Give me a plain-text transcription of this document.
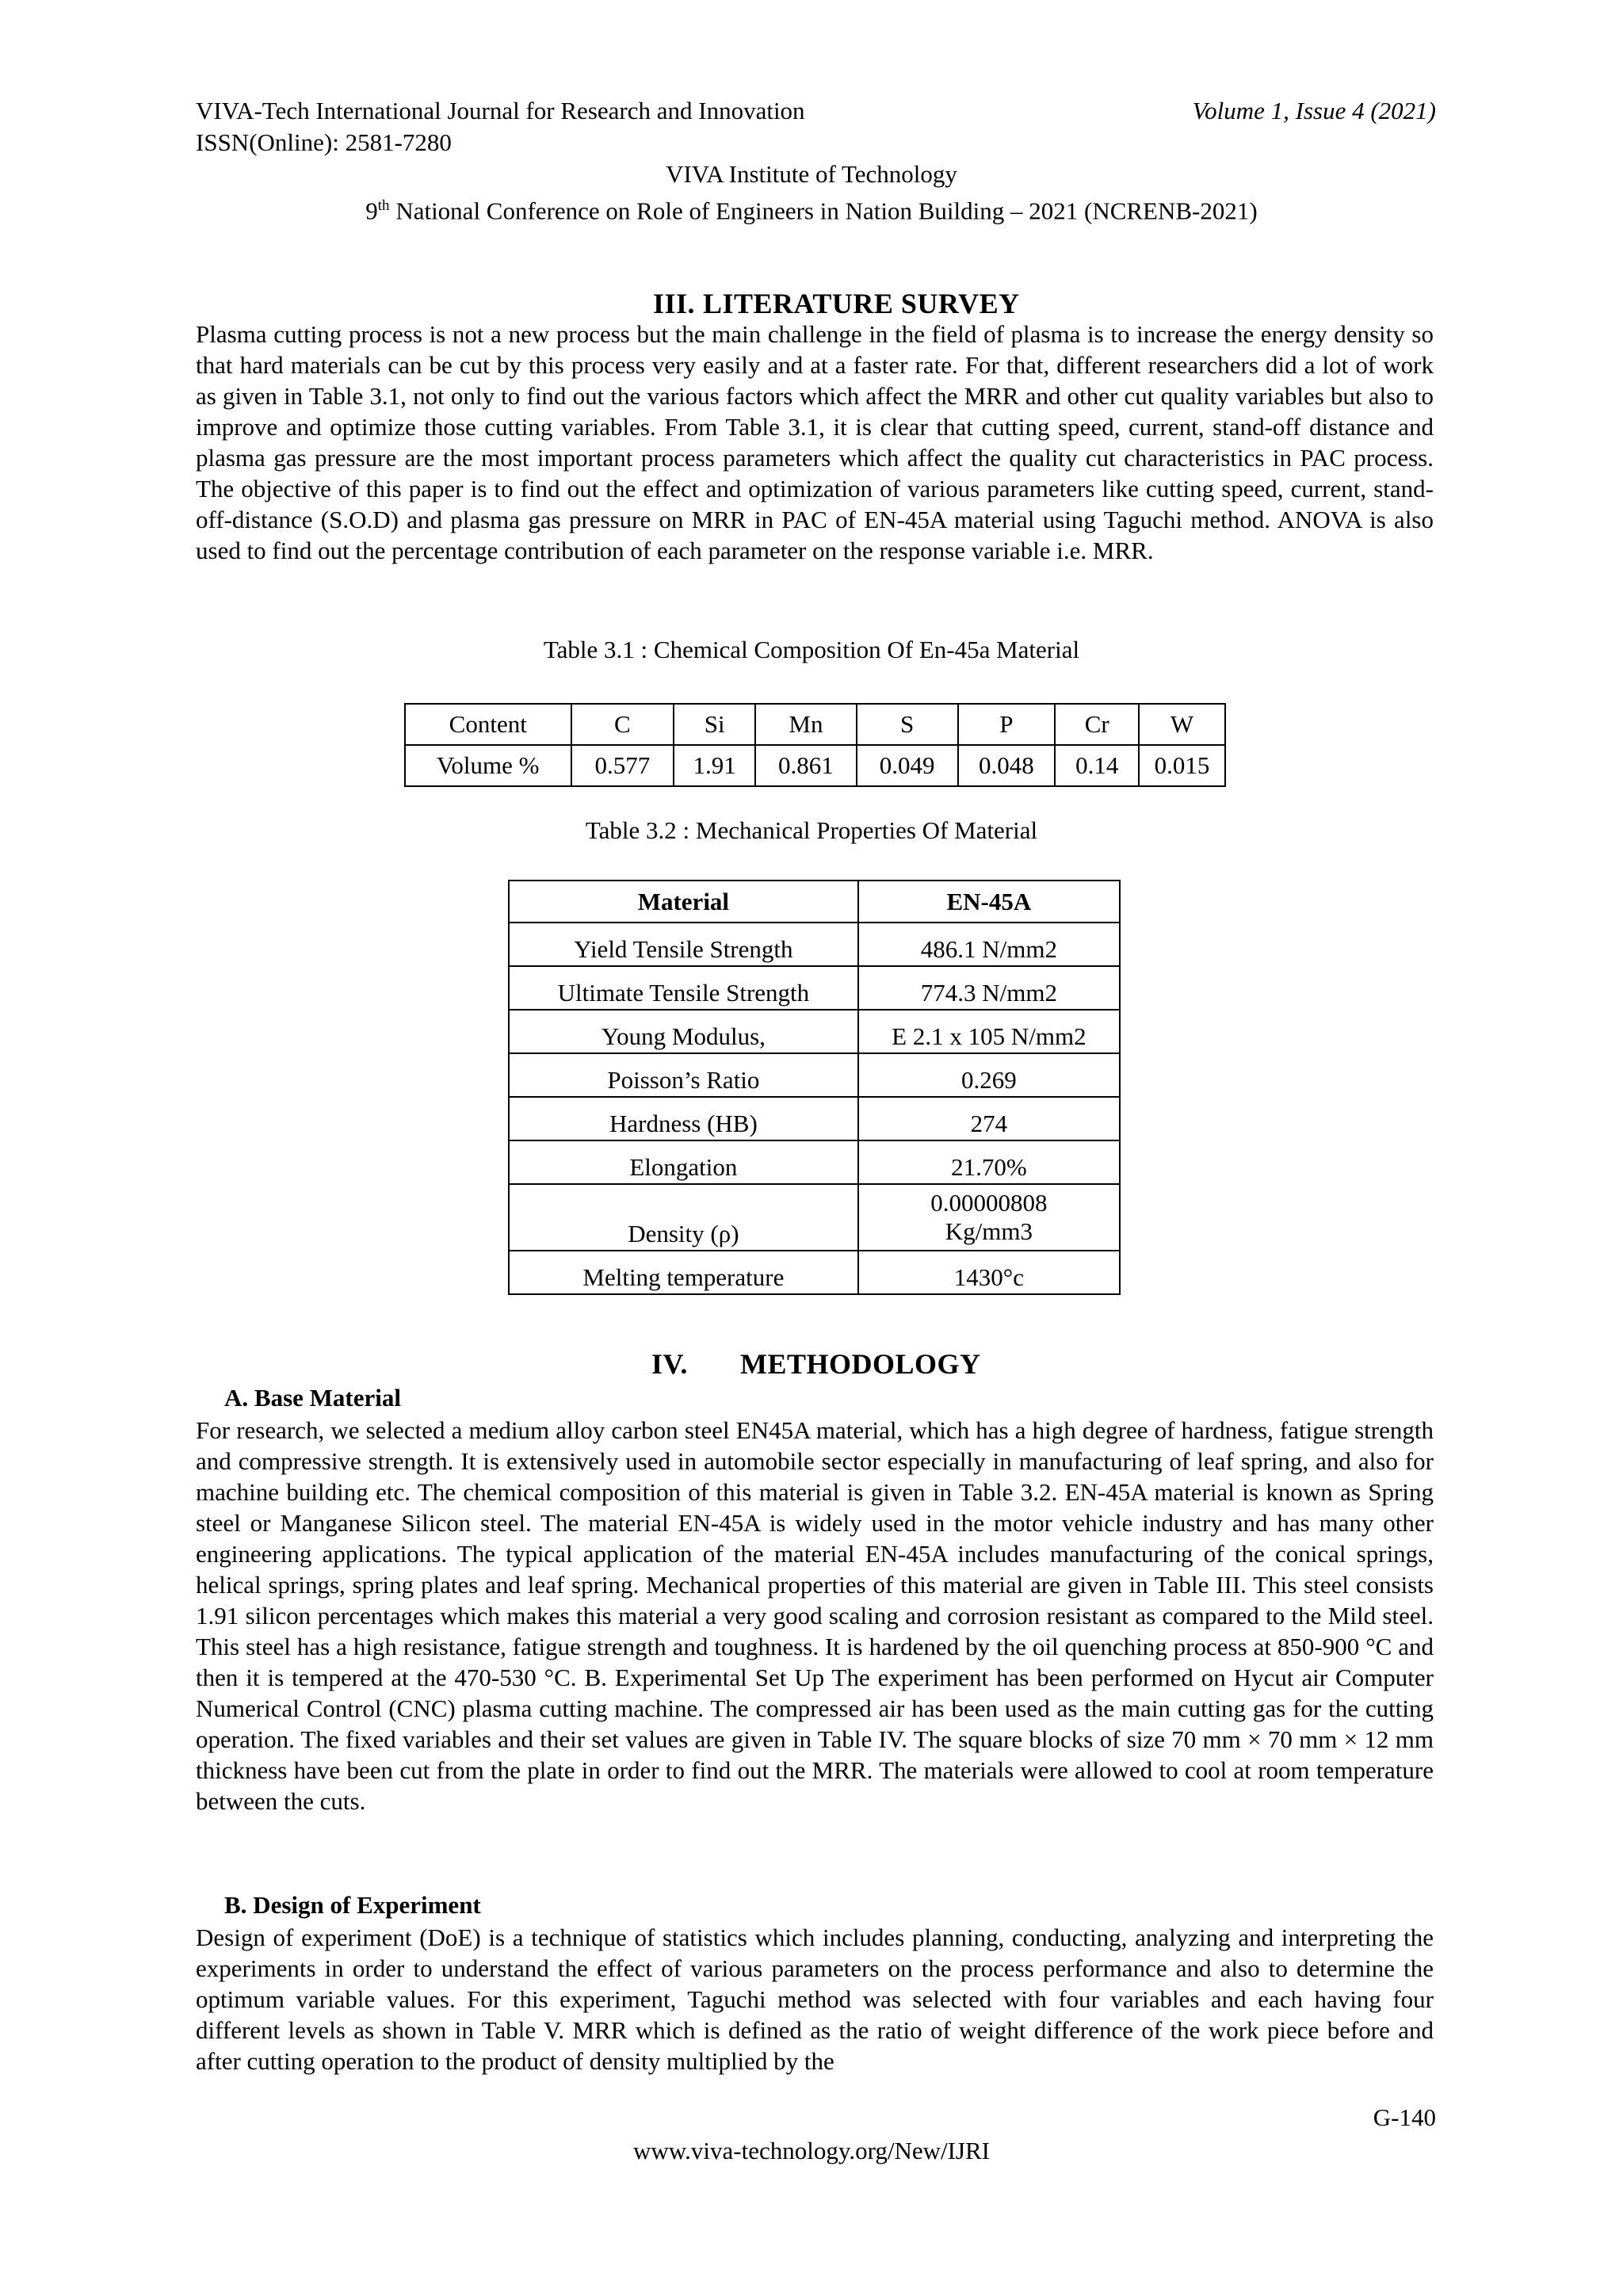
VIVA-Tech International Journal for Research and Innovation	Volume 1, Issue 4 (2021)
ISSN(Online): 2581-7280
VIVA Institute of Technology
9th National Conference on Role of Engineers in Nation Building – 2021 (NCRENB-2021)
III. LITERATURE SURVEY

Plasma cutting process is not a new process but the main challenge in the field of plasma is to increase the energy density so that hard materials can be cut by this process very easily and at a faster rate. For that, different researchers did a lot of work as given in Table 3.1, not only to find out the various factors which affect the MRR and other cut quality variables but also to improve and optimize those cutting variables. From Table 3.1, it is clear that cutting speed, current, stand-off distance and plasma gas pressure are the most important process parameters which affect the quality cut characteristics in PAC process. The objective of this paper is to find out the effect and optimization of various parameters like cutting speed, current, stand-off-distance (S.O.D) and plasma gas pressure on MRR in PAC of EN-45A material using Taguchi method. ANOVA is also used to find out the percentage contribution of each parameter on the response variable i.e. MRR.

Table 3.1 : Chemical Composition Of En-45a Material
Content	C	Si	Mn	S	P	Cr	W
Volume %	0.577	1.91	0.861	0.049	0.048	0.14	0.015
Table 3.2 : Mechanical Properties Of Material
Material	EN-45A
Yield Tensile Strength	486.1 N/mm2
Ultimate Tensile Strength	774.3 N/mm2
Young Modulus,	E 2.1 x 105 N/mm2
Poisson’s Ratio	0.269
Hardness (HB)	274
Elongation	21.70%
Density (ρ)	0.00000808
Kg/mm3

Melting temperature	1430°c
IV. METHODOLOGY
A. Base Material

For research, we selected a medium alloy carbon steel EN45A material, which has a high degree of hardness, fatigue strength and compressive strength. It is extensively used in automobile sector especially in manufacturing of leaf spring, and also for machine building etc. The chemical composition of this material is given in Table 3.2. EN-45A material is known as Spring steel or Manganese Silicon steel. The material EN-45A is widely used in the motor vehicle industry and has many other engineering applications. The typical application of the material EN-45A includes manufacturing of the conical springs, helical springs, spring plates and leaf spring. Mechanical properties of this material are given in Table III. This steel consists 1.91 silicon percentages which makes this material a very good scaling and corrosion resistant as compared to the Mild steel. This steel has a high resistance, fatigue strength and toughness. It is hardened by the oil quenching process at 850-900 °C and then it is tempered at the 470-530 °C. B. Experimental Set Up The experiment has been performed on Hycut air Computer Numerical Control (CNC) plasma cutting machine. The compressed air has been used as the main cutting gas for the cutting operation. The fixed variables and their set values are given in Table IV. The square blocks of size 70 mm × 70 mm × 12 mm thickness have been cut from the plate in order to find out the MRR. The materials were allowed to cool at room temperature between the cuts.

B. Design of Experiment

Design of experiment (DoE) is a technique of statistics which includes planning, conducting, analyzing and interpreting the experiments in order to understand the effect of various parameters on the process performance and also to determine the optimum variable values. For this experiment, Taguchi method was selected with four variables and each having four different levels as shown in Table V. MRR which is defined as the ratio of weight difference of the work piece before and after cutting operation to the product of density multiplied by the

G-140
www.viva-technology.org/New/IJRI
